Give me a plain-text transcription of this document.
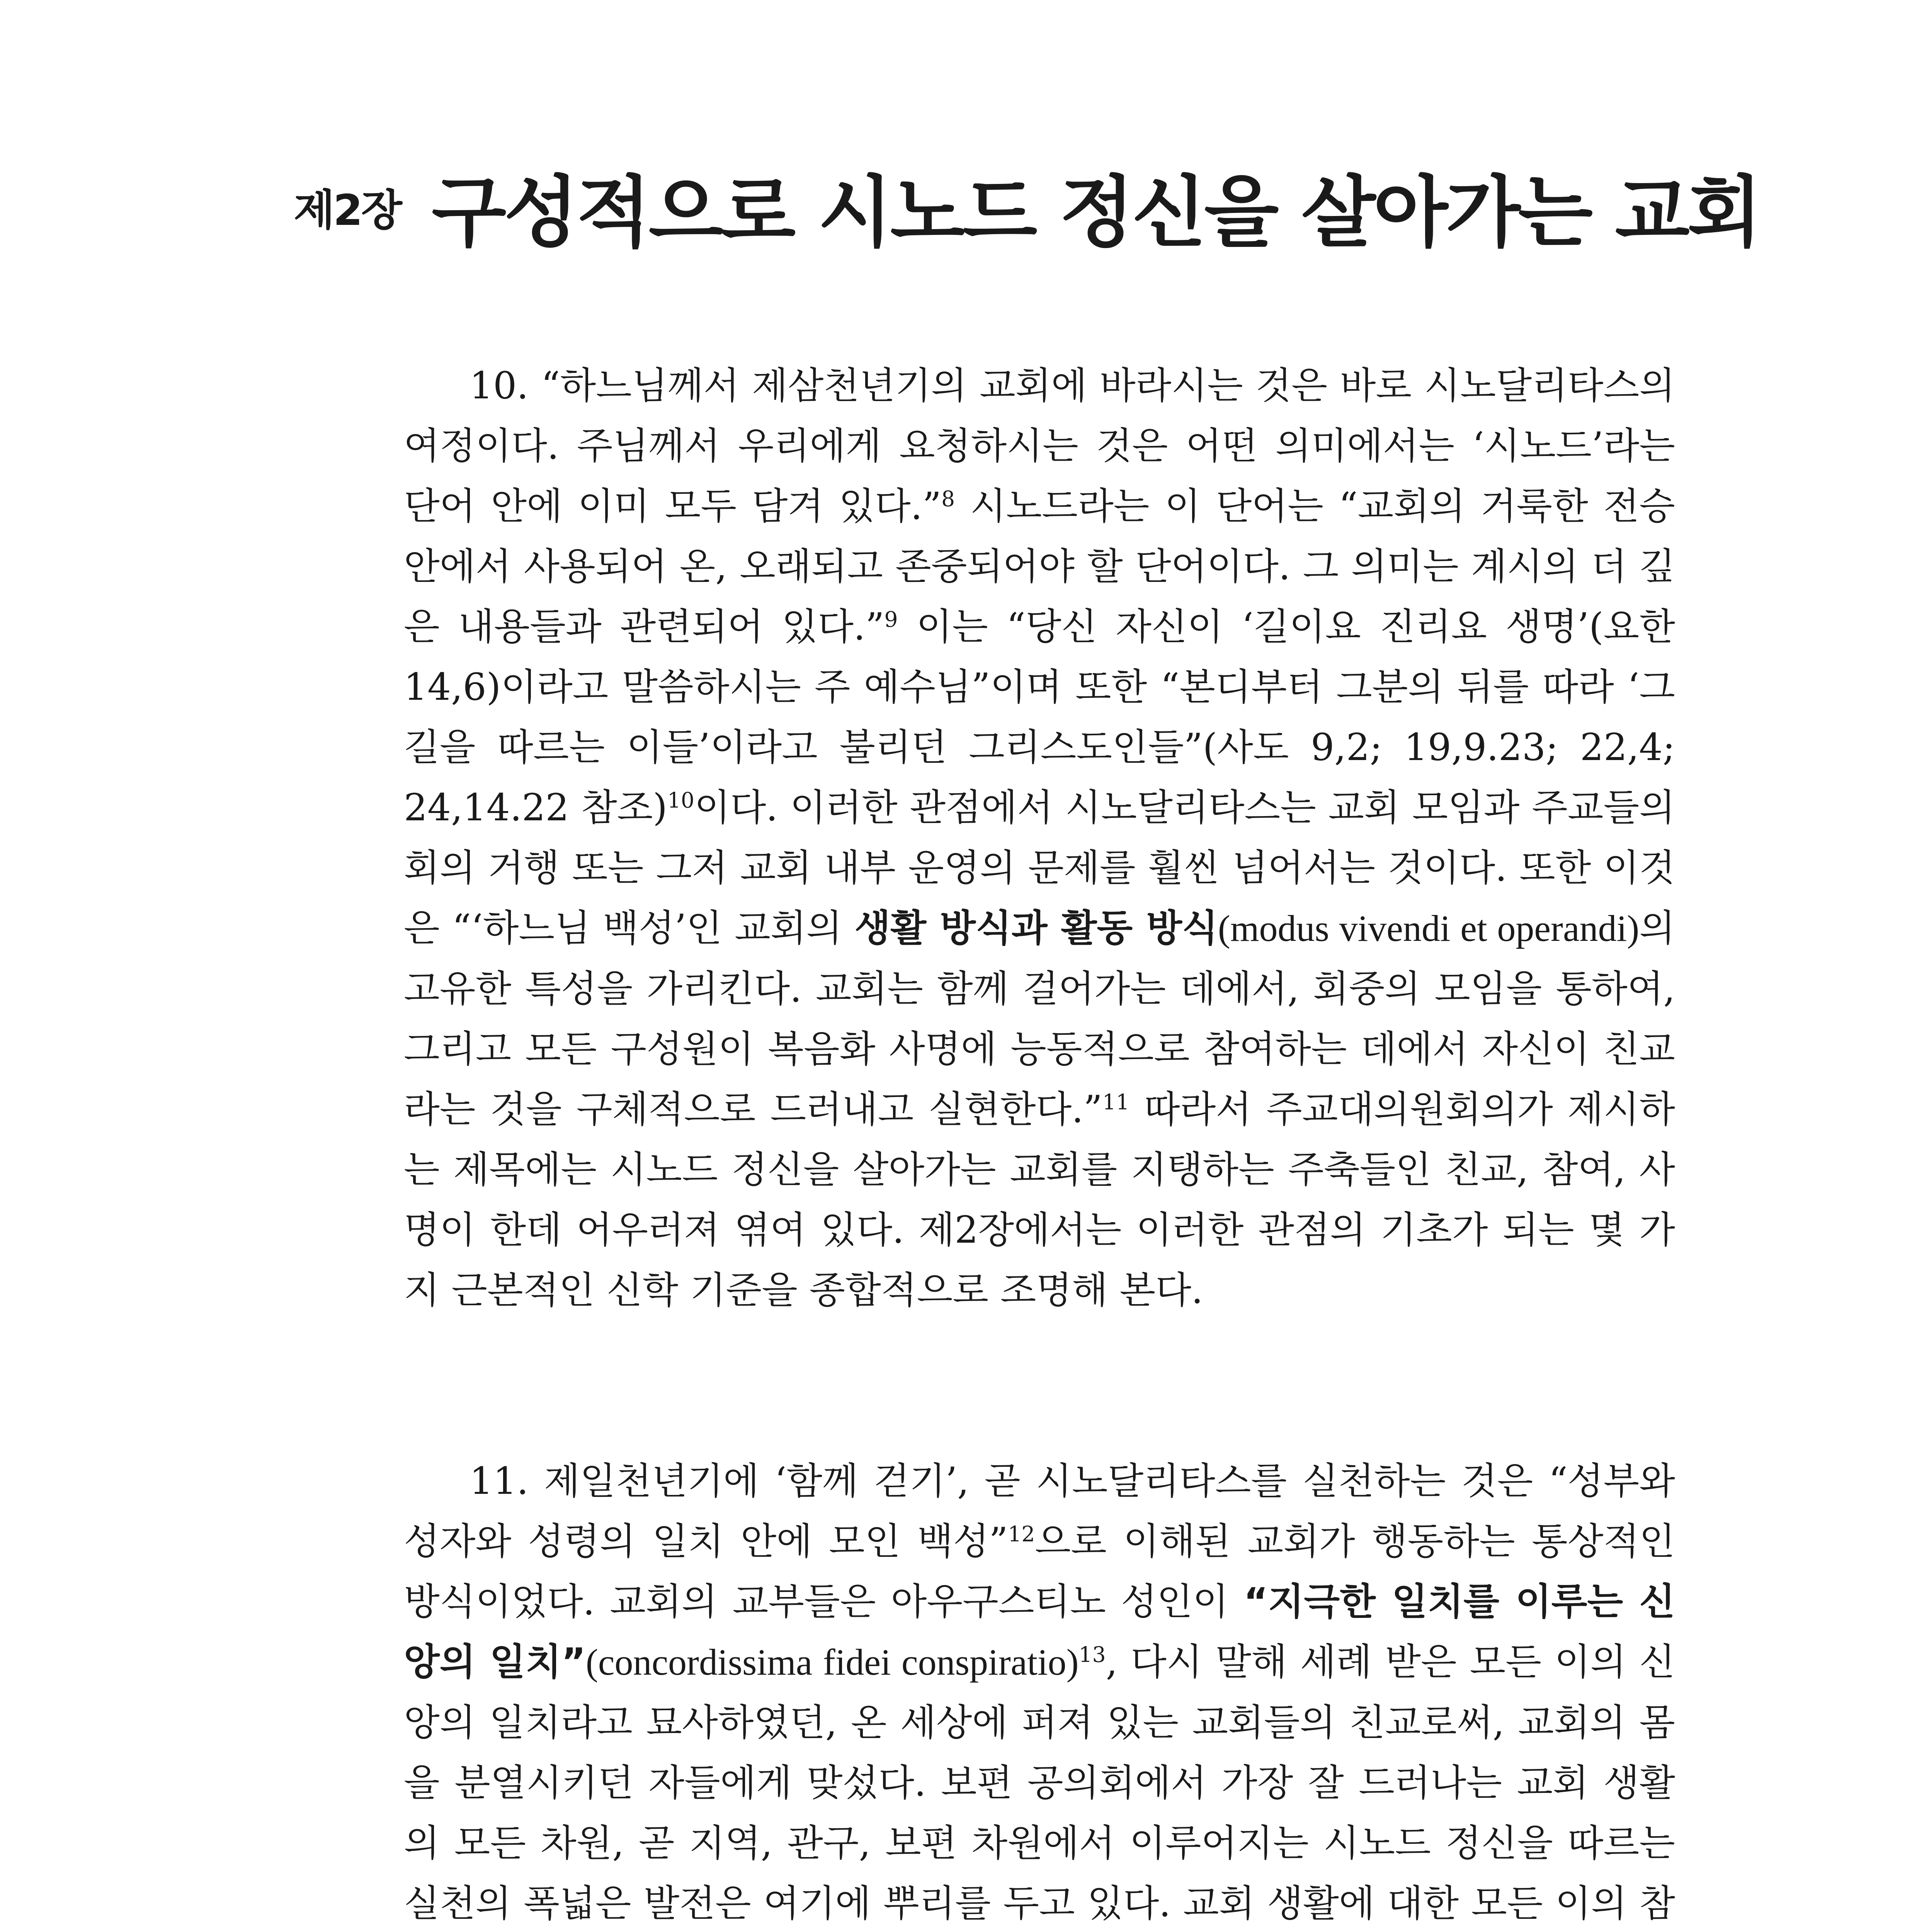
제2장 구성적으로 시노드 정신을 살아가는 교회

10. “하느님께서 제삼천년기의 교회에 바라시는 것은 바로 시노달리타스의 여정이다. 주님께서 우리에게 요청하시는 것은 어떤 의미에서는 ‘시노드’라는 단어 안에 이미 모두 담겨 있다.”$^8$ 시노드라는 이 단어는 “교회의 거룩한 전승 안에서 사용되어 온, 오래되고 존중되어야 할 단어이다. 그 의미는 계시의 더 깊은 내용들과 관련되어 있다.”$^9$ 이는 “당신 자신이 ‘길이요 진리요 생명’(요한 14,6)이라고 말씀하시는 주 예수님”이며 또한 “본디부터 그분의 뒤를 따라 ‘그 길을 따르는 이들’이라고 불리던 그리스도인들”(사도 9,2; 19,9.23; 22,4; 24,14.22 참조)$^{10}$이다. 이러한 관점에서 시노달리타스는 교회 모임과 주교들의 회의 거행 또는 그저 교회 내부 운영의 문제를 훨씬 넘어서는 것이다. 또한 이것은 “‘하느님 백성’인 교회의 생활 방식과 활동 방식(modus vivendi et operandi)의 고유한 특성을 가리킨다. 교회는 함께 걸어가는 데에서, 회중의 모임을 통하여, 그리고 모든 구성원이 복음화 사명에 능동적으로 참여하는 데에서 자신이 친교라는 것을 구체적으로 드러내고 실현한다.”$^{11}$ 따라서 주교대의원회의가 제시하는 제목에는 시노드 정신을 살아가는 교회를 지탱하는 주축들인 친교, 참여, 사명이 한데 어우러져 엮여 있다. 제2장에서는 이러한 관점의 기초가 되는 몇 가지 근본적인 신학 기준을 종합적으로 조명해 본다.

11. 제일천년기에 ‘함께 걷기’, 곧 시노달리타스를 실천하는 것은 “성부와 성자와 성령의 일치 안에 모인 백성”$^{12}$으로 이해된 교회가 행동하는 통상적인 방식이었다. 교회의 교부들은 아우구스티노 성인이 “지극한 일치를 이루는 신앙의 일치”(concordissima fidei conspiratio)$^{13}$, 다시 말해 세례 받은 모든 이의 신앙의 일치라고 묘사하였던, 온 세상에 퍼져 있는 교회들의 친교로써, 교회의 몸을 분열시키던 자들에게 맞섰다. 보편 공의회에서 가장 잘 드러나는 교회 생활의 모든 차원, 곧 지역, 관구, 보편 차원에서 이루어지는 시노드 정신을 따르는 실천의 폭넓은 발전은 여기에 뿌리를 두고 있다. 교회 생활에 대한 모든 이의 참
